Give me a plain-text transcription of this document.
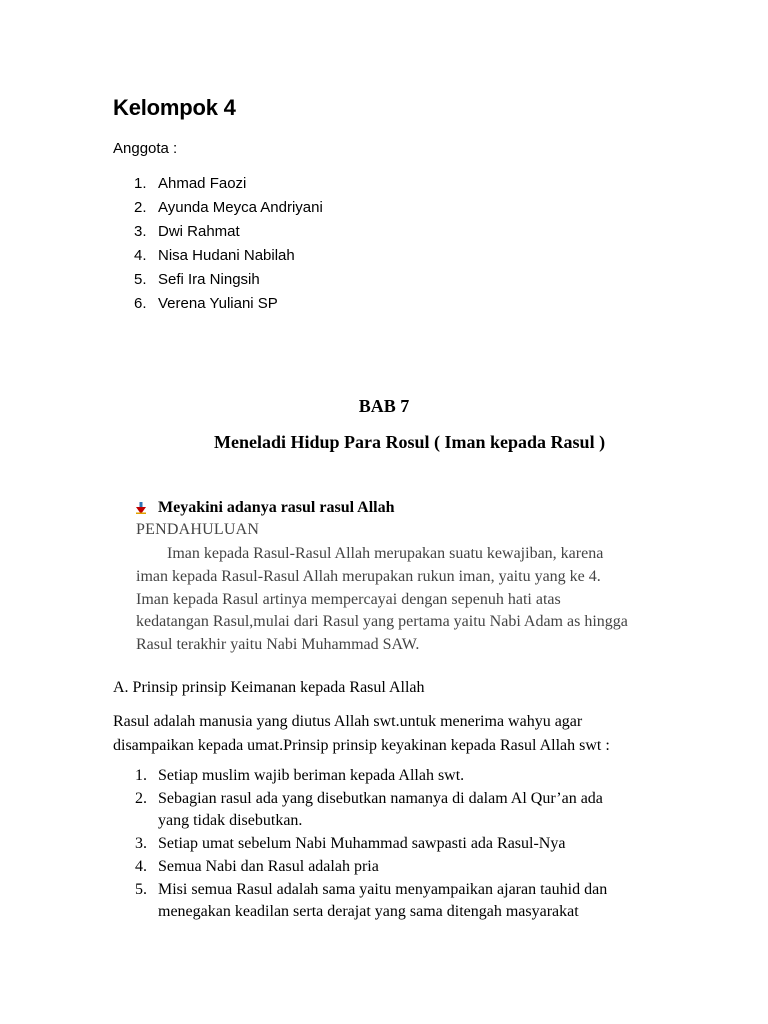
Kelompok 4
Anggota :
1. Ahmad Faozi
2. Ayunda Meyca Andriyani
3. Dwi Rahmat
4. Nisa Hudani Nabilah
5. Sefi Ira Ningsih
6. Verena Yuliani SP
BAB 7
Meneladi Hidup Para Rosul ( Iman kepada Rasul )
Meyakini adanya rasul rasul Allah
PENDAHULUAN
Iman kepada Rasul-Rasul Allah merupakan suatu kewajiban, karena
iman kepada Rasul-Rasul Allah merupakan rukun iman, yaitu yang ke 4.
Iman kepada Rasul artinya mempercayai dengan sepenuh hati atas
kedatangan Rasul,mulai dari Rasul yang pertama yaitu Nabi Adam as hingga
Rasul terakhir yaitu Nabi Muhammad SAW.
A. Prinsip prinsip Keimanan kepada Rasul Allah
Rasul adalah manusia yang diutus Allah swt.untuk menerima wahyu agar
disampaikan kepada umat.Prinsip prinsip keyakinan kepada Rasul Allah swt :
1. Setiap muslim wajib beriman kepada Allah swt.
2. Sebagian rasul ada yang disebutkan namanya di dalam Al Qur’an ada
yang tidak disebutkan.
3. Setiap umat sebelum Nabi Muhammad sawpasti ada Rasul-Nya
4. Semua Nabi dan Rasul adalah pria
5. Misi semua Rasul adalah sama yaitu menyampaikan ajaran tauhid dan
menegakan keadilan serta derajat yang sama ditengah masyarakat
